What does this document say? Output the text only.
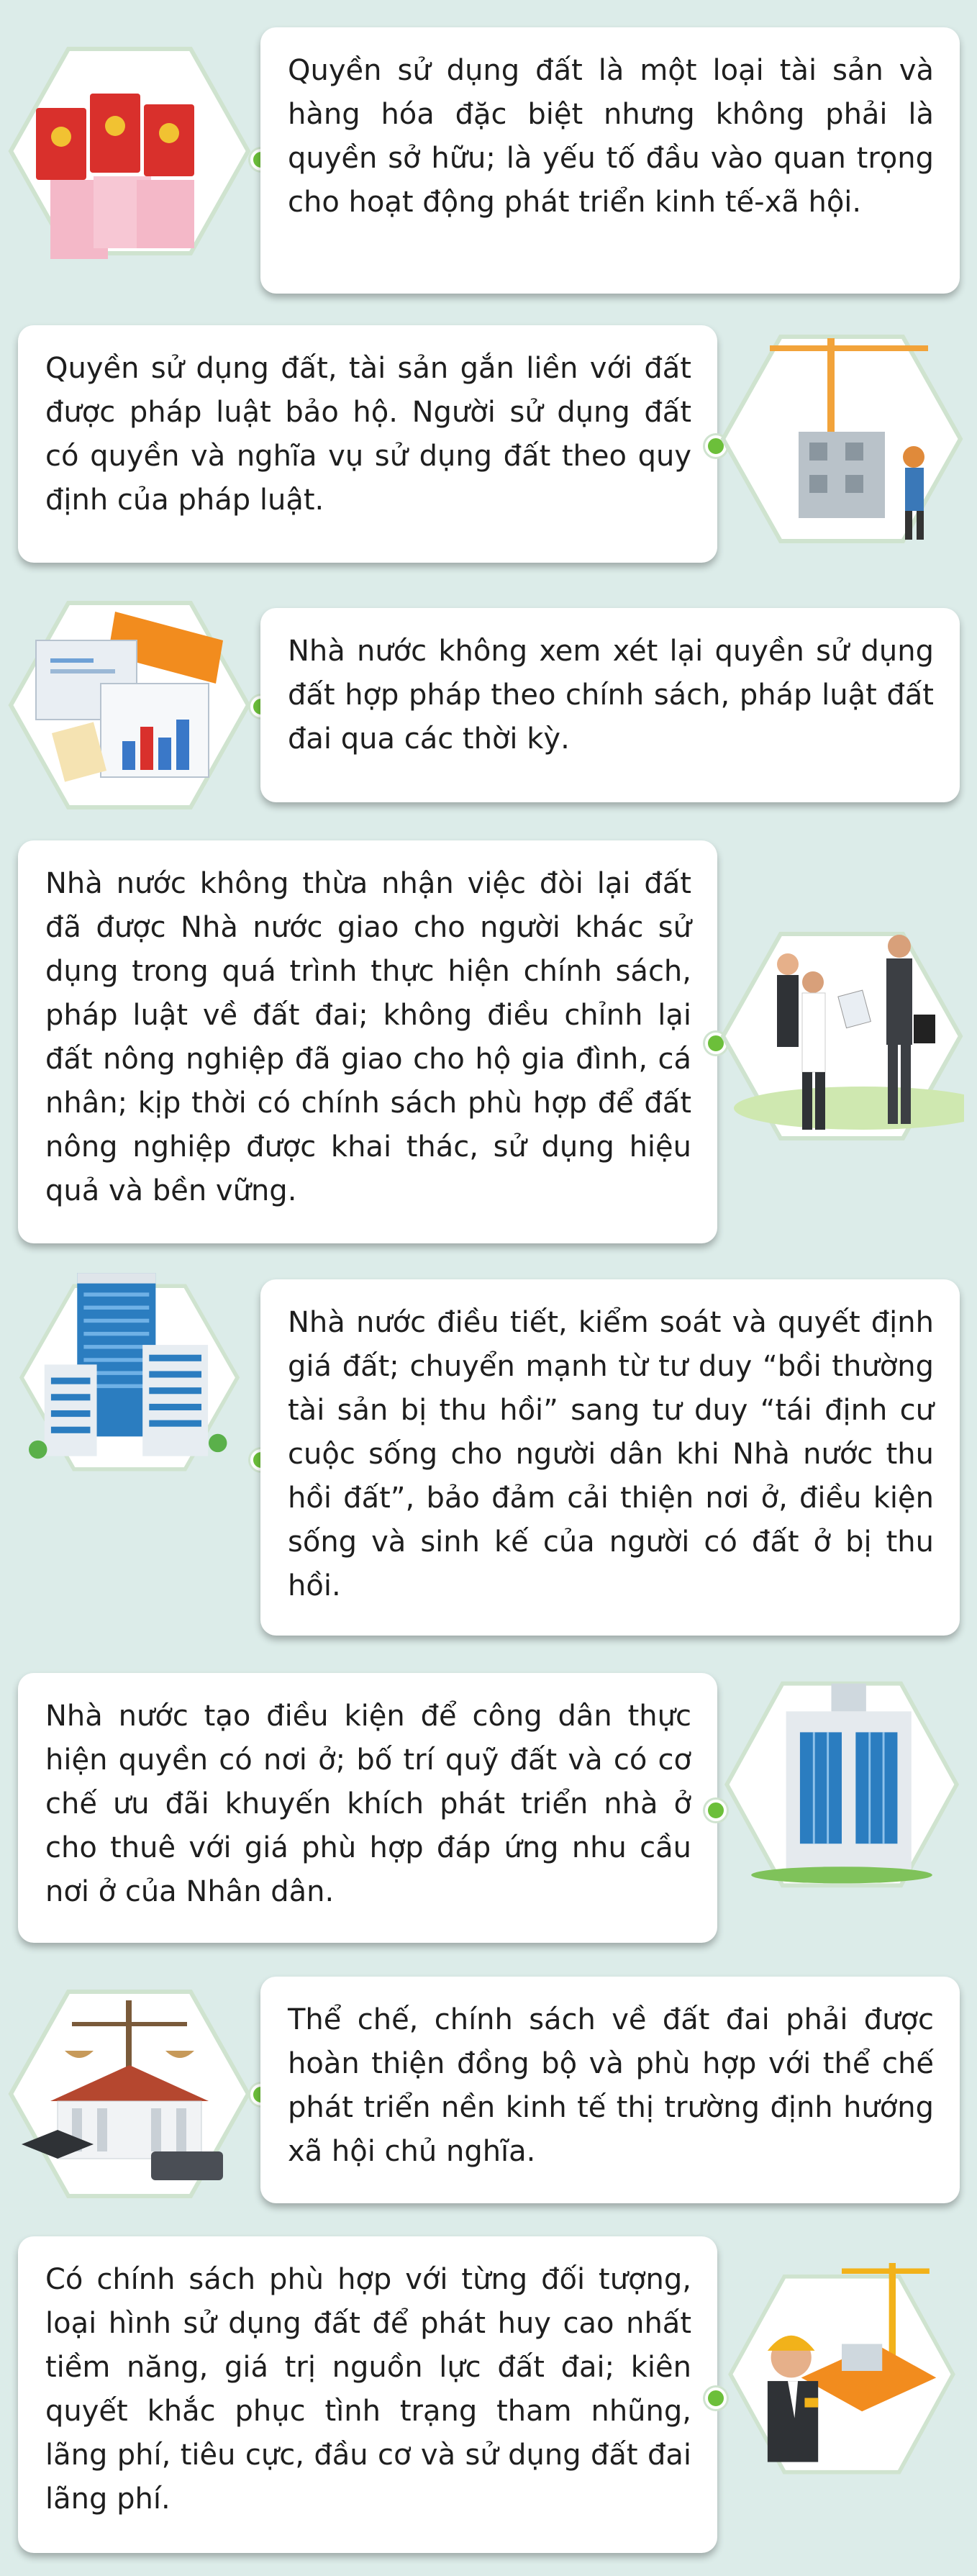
Quyền sử dụng đất là một loại tài sản và hàng hóa đặc biệt nhưng không phải là quyền sở hữu; là yếu tố đầu vào quan trọng cho hoạt động phát triển kinh tế-xã hội.

Quyền sử dụng đất, tài sản gắn liền với đất được pháp luật bảo hộ. Người sử dụng đất có quyền và nghĩa vụ sử dụng đất theo quy định của pháp luật.

Nhà nước không xem xét lại quyền sử dụng đất hợp pháp theo chính sách, pháp luật đất đai qua các thời kỳ.

Nhà nước không thừa nhận việc đòi lại đất đã được Nhà nước giao cho người khác sử dụng trong quá trình thực hiện chính sách, pháp luật về đất đai; không điều chỉnh lại đất nông nghiệp đã giao cho hộ gia đình, cá nhân; kịp thời có chính sách phù hợp để đất nông nghiệp được khai thác, sử dụng hiệu quả và bền vững.

Nhà nước điều tiết, kiểm soát và quyết định giá đất; chuyển mạnh từ tư duy “bồi thường tài sản bị thu hồi” sang tư duy “tái định cư cuộc sống cho người dân khi Nhà nước thu hồi đất”, bảo đảm cải thiện nơi ở, điều kiện sống và sinh kế của người có đất ở bị thu hồi.

Nhà nước tạo điều kiện để công dân thực hiện quyền có nơi ở; bố trí quỹ đất và có cơ chế ưu đãi khuyến khích phát triển nhà ở cho thuê với giá phù hợp đáp ứng nhu cầu nơi ở của Nhân dân.

Thể chế, chính sách về đất đai phải được hoàn thiện đồng bộ và phù hợp với thể chế phát triển nền kinh tế thị trường định hướng xã hội chủ nghĩa.

Có chính sách phù hợp với từng đối tượng, loại hình sử dụng đất để phát huy cao nhất tiềm năng, giá trị nguồn lực đất đai; kiên quyết khắc phục tình trạng tham nhũng, lãng phí, tiêu cực, đầu cơ và sử dụng đất đai lãng phí.
